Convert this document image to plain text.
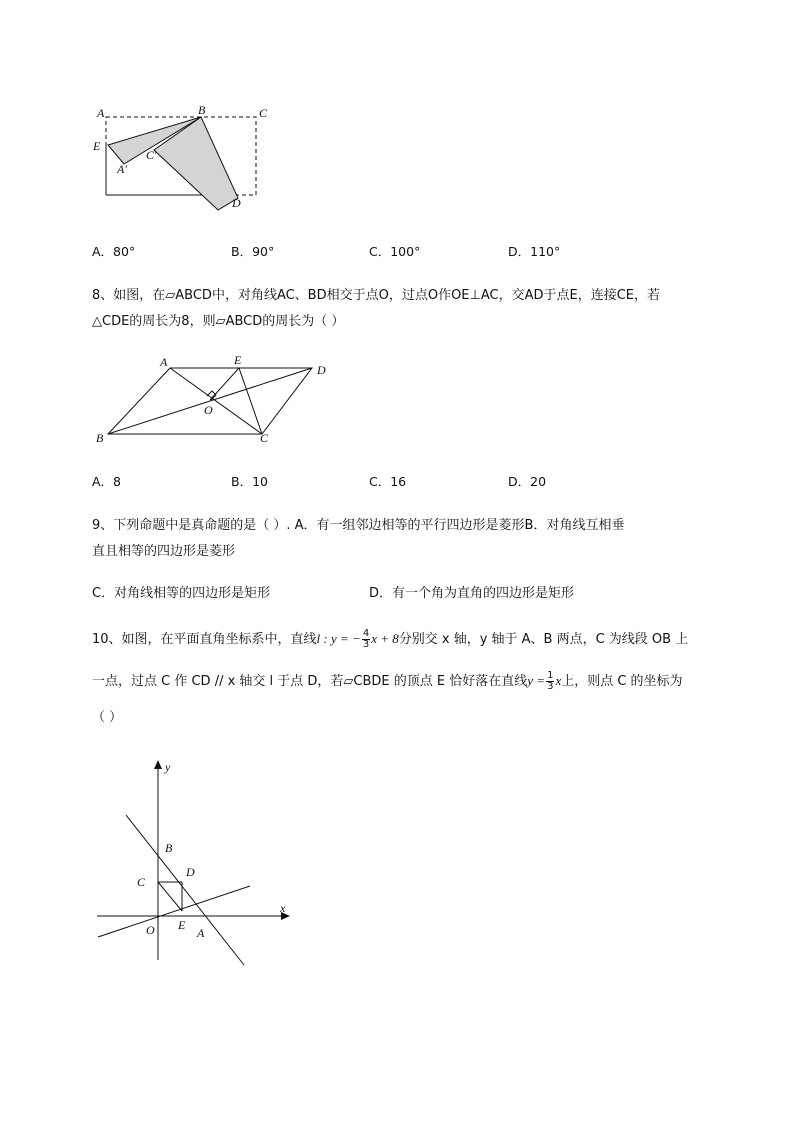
A	B	C
E
C′
A′
D
A．80°	B．90°	C．100°	D．110°
8、如图，在▱ABCD中，对角线AC、BD相交于点O，过点O作OE⊥AC，交AD于点E，连接CE，若
△CDE的周长为8，则▱ABCD的周长为（ ）
A	E
D
O
B	C
A．8	B．10	C．16	D．20
9、下列命题中是真命题的是（ ）. A．有一组邻边相等的平行四边形是菱形B．对角线互相垂
直且相等的四边形是菱形
C．对角线相等的四边形是矩形	D．有一个角为直角的四边形是矩形
10、如图，在平面直角坐标系中，直线l : y = − $\frac{4}{3}$ x + 8分别交 x 轴，y 轴于 A、B 两点，C 为线段 OB 上
一点，过点 C 作 CD // x 轴交 l 于点 D，若▱CBDE 的顶点 E 恰好落在直线$y = \frac{1}{3}$ x上，则点 C 的坐标为
（ ）
y
x
B
C
D
O E
A
